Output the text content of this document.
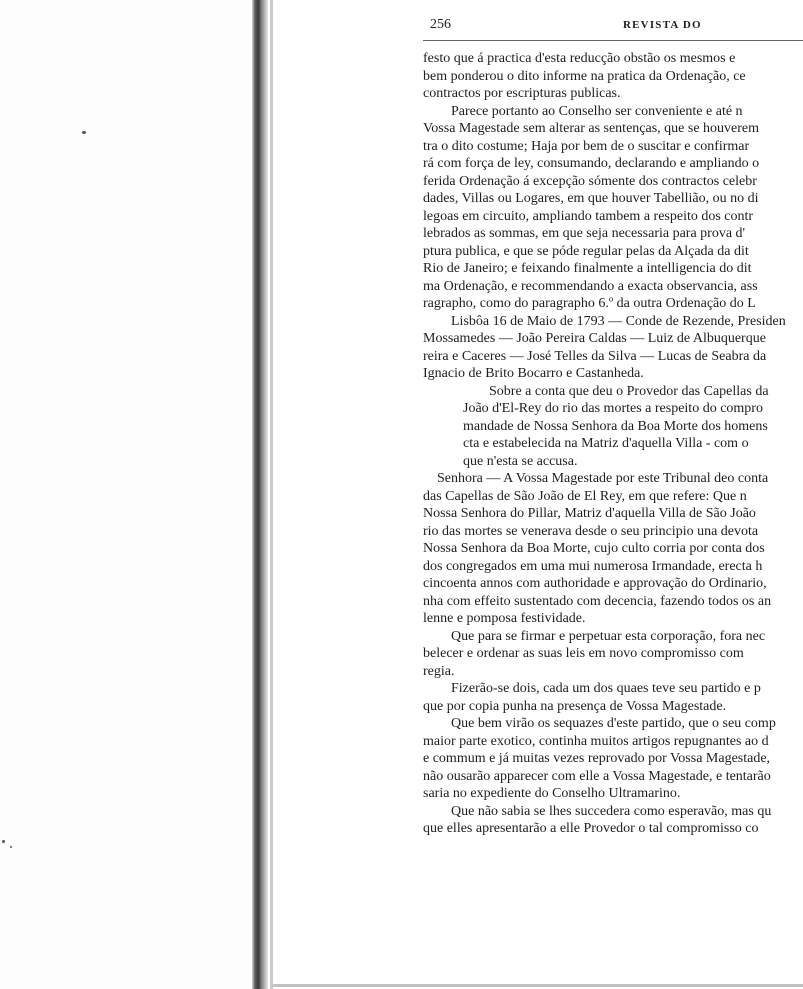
256	REVISTA DO
festo que á practica d'esta reducção obstão os mesmos e
bem ponderou o dito informe na pratica da Ordenação, ce
contractos por escripturas publicas.
Parece portanto ao Conselho ser conveniente e até n
Vossa Magestade sem alterar as sentenças, que se houverem
tra o dito costume; Haja por bem de o suscitar e confirmar
rá com força de ley, consumando, declarando e ampliando o
ferida Ordenação á excepção sómente dos contractos celebr
dades, Villas ou Logares, em que houver Tabellião, ou no di
legoas em circuito, ampliando tambem a respeito dos contr
lebrados as sommas, em que seja necessaria para prova d'
ptura publica, e que se póde regular pelas da Alçada da dit
Rio de Janeiro; e feixando finalmente a intelligencia do dit
ma Ordenação, e recommendando a exacta observancia, ass
ragrapho, como do paragrapho 6.º da outra Ordenação do L
Lisbôa 16 de Maio de 1793 — Conde de Rezende, Presiden
Mossamedes — João Pereira Caldas — Luiz de Albuquerque
reira e Caceres — José Telles da Silva — Lucas de Seabra da
Ignacio de Brito Bocarro e Castanheda.
Sobre a conta que deu o Provedor das Capellas da
João d'El-Rey do rio das mortes a respeito do compro
mandade de Nossa Senhora da Boa Morte dos homens
cta e estabelecida na Matriz d'aquella Villa - com o
que n'esta se accusa.
Senhora — A Vossa Magestade por este Tribunal deo conta
das Capellas de São João de El Rey, em que refere: Que n
Nossa Senhora do Pillar, Matriz d'aquella Villa de São João
rio das mortes se venerava desde o seu principio una devota
Nossa Senhora da Boa Morte, cujo culto corria por conta dos
dos congregados em uma mui numerosa Irmandade, erecta h
cincoenta annos com authoridade e approvação do Ordinario,
nha com effeito sustentado com decencia, fazendo todos os an
lenne e pomposa festividade.
Que para se firmar e perpetuar esta corporação, fora nec
belecer e ordenar as suas leis em novo compromisso com
regia.
Fizerão-se dois, cada um dos quaes teve seu partido e p
que por copia punha na presença de Vossa Magestade.
Que bem virão os sequazes d'este partido, que o seu comp
maior parte exotico, continha muitos artigos repugnantes ao d
e commum e já muitas vezes reprovado por Vossa Magestade,
não ousarão apparecer com elle a Vossa Magestade, e tentarão
saria no expediente do Conselho Ultramarino.
Que não sabia se lhes succedera como esperavão, mas qu
que elles apresentarão a elle Provedor o tal compromisso co
